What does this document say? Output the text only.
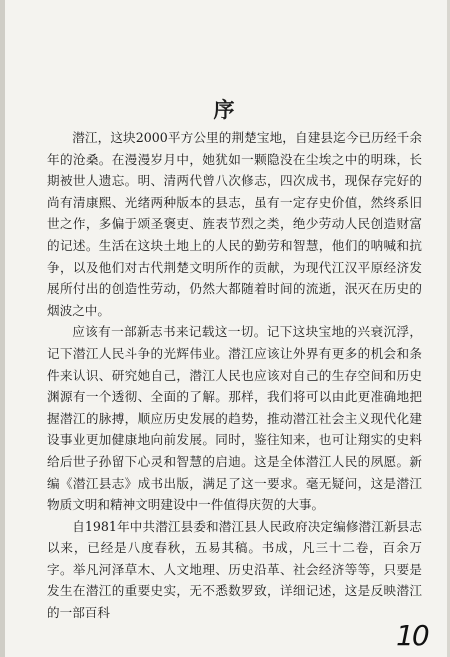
序

潜江，这块2000平方公里的荆楚宝地，自建县迄今已历经千余年的沧桑。在漫漫岁月中，她犹如一颗隐没在尘埃之中的明珠，长期被世人遗忘。明、清两代曾八次修志，四次成书，现保存完好的尚有清康熙、光绪两种版本的县志，虽有一定存史价值，然终系旧世之作，多偏于颂圣褒吏、旌表节烈之类，绝少劳动人民创造财富的记述。生活在这块土地上的人民的勤劳和智慧，他们的呐喊和抗争，以及他们对古代荆楚文明所作的贡献，为现代江汉平原经济发展所付出的创造性劳动，仍然大都随着时间的流逝，泯灭在历史的烟波之中。

应该有一部新志书来记载这一切。记下这块宝地的兴衰沉浮，记下潜江人民斗争的光辉伟业。潜江应该让外界有更多的机会和条件来认识、研究她自己，潜江人民也应该对自己的生存空间和历史渊源有一个透彻、全面的了解。那样，我们将可以由此更准确地把握潜江的脉搏，顺应历史发展的趋势，推动潜江社会主义现代化建设事业更加健康地向前发展。同时，鉴往知来，也可让翔实的史料给后世子孙留下心灵和智慧的启迪。这是全体潜江人民的夙愿。新编《潜江县志》成书出版，满足了这一要求。毫无疑问，这是潜江物质文明和精神文明建设中一件值得庆贺的大事。

自1981年中共潜江县委和潜江县人民政府决定编修潜江新县志以来，已经是八度春秋，五易其稿。书成，凡三十二卷，百余万字。举凡河泽草木、人文地理、历史沿革、社会经济等等，只要是发生在潜江的重要史实，无不悉数罗致，详细记述，这是反映潜江的一部百科

10
